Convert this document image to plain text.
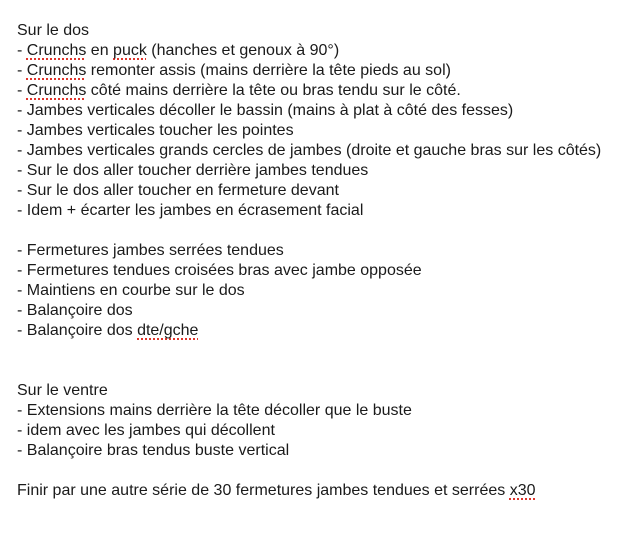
Sur le dos
- Crunchs en puck (hanches et genoux à 90°)
- Crunchs remonter assis (mains derrière la tête pieds au sol)
- Crunchs côté mains derrière la tête ou bras tendu sur le côté.
- Jambes verticales décoller le bassin (mains à plat à côté des fesses)
- Jambes verticales toucher les pointes
- Jambes verticales grands cercles de jambes (droite et gauche bras sur les côtés)
- Sur le dos aller toucher derrière jambes tendues
- Sur le dos aller toucher en fermeture devant
- Idem + écarter les jambes en écrasement facial
- Fermetures jambes serrées tendues
- Fermetures tendues croisées bras avec jambe opposée
- Maintiens en courbe sur le dos
- Balançoire dos
- Balançoire dos dte/gche
Sur le ventre
- Extensions mains derrière la tête décoller que le buste
- idem avec les jambes qui décollent
- Balançoire bras tendus buste vertical
Finir par une autre série de 30 fermetures jambes tendues et serrées x30
